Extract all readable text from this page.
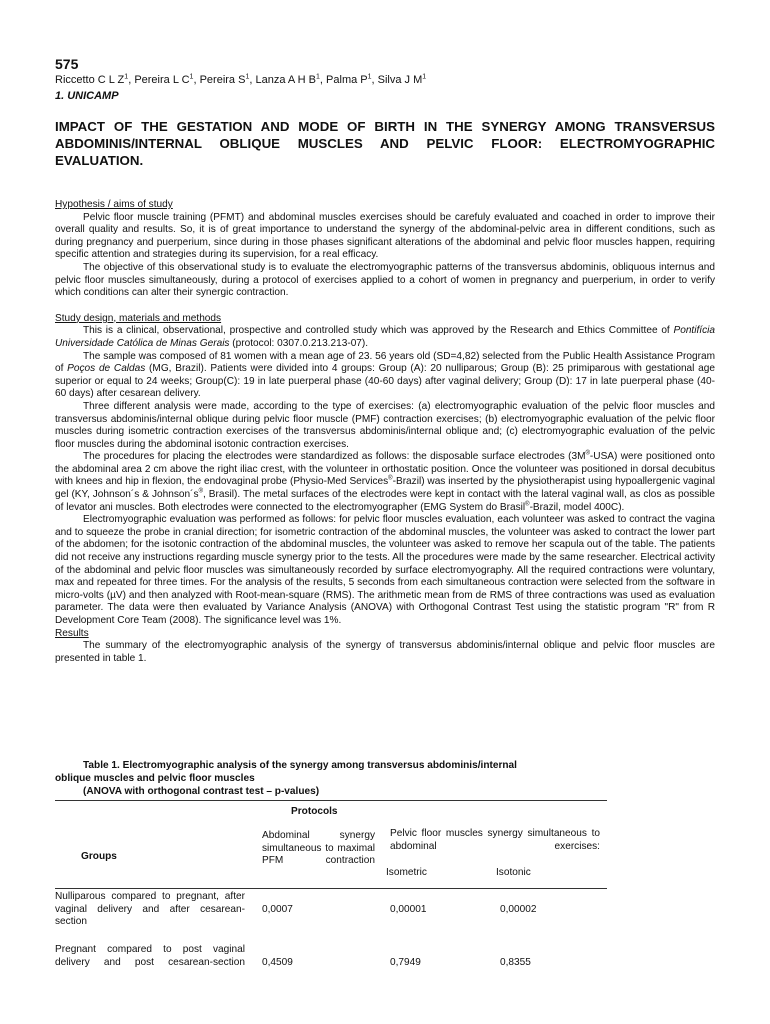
575
Riccetto C L $Z^1$, Pereira L $C^1$, Pereira $S^1$, Lanza A H $B^1$, Palma $P^1$, Silva J $M^1$
1. UNICAMP
IMPACT OF THE GESTATION AND MODE OF BIRTH IN THE SYNERGY AMONG TRANSVERSUS ABDOMINIS/INTERNAL OBLIQUE MUSCLES AND PELVIC FLOOR: ELECTROMYOGRAPHIC EVALUATION.

Hypothesis / aims of study

Pelvic floor muscle training (PFMT) and abdominal muscles exercises should be carefuly evaluated and coached in order to improve their overall quality and results. So, it is of great importance to understand the synergy of the abdominal-pelvic area in different conditions, such as during pregnancy and puerperium, since during in those phases significant alterations of the abdominal and pelvic floor muscles happen, requiring specific attention and strategies during its supervision, for a real efficacy.

The objective of this observational study is to evaluate the electromyographic patterns of the transversus abdominis, obliquous internus and pelvic floor muscles simultaneously, during a protocol of exercises applied to a cohort of women in pregnancy and puerperium, in order to verify which conditions can alter their synergic contraction.

Study design, materials and methods

This is a clinical, observational, prospective and controlled study which was approved by the Research and Ethics Committee of Pontifícia Universidade Católica de Minas Gerais (protocol: 0307.0.213.213-07).

The sample was composed of 81 women with a mean age of 23. 56 years old (SD=4,82) selected from the Public Health Assistance Program of Poços de Caldas (MG, Brazil). Patients were divided into 4 groups: Group (A): 20 nulliparous; Group (B): 25 primiparous with gestational age superior or equal to 24 weeks; Group(C): 19 in late puerperal phase (40-60 days) after vaginal delivery; Group (D): 17 in late puerperal phase (40- 60 days) after cesarean delivery.

Three different analysis were made, according to the type of exercises: (a) electromyographic evaluation of the pelvic floor muscles and transversus abdominis/internal oblique during pelvic floor muscle (PMF) contraction exercises; (b) electromyographic evaluation of the pelvic floor muscles during isometric contraction exercises of the transversus abdominis/internal oblique and; (c) electromyographic evaluation of the pelvic floor muscles during the abdominal isotonic contraction exercises.

The procedures for placing the electrodes were standardized as follows: the disposable surface electrodes (3M®-USA) were positioned onto the abdominal area 2 cm above the right iliac crest, with the volunteer in orthostatic position. Once the volunteer was positioned in dorsal decubitus with knees and hip in flexion, the endovaginal probe (Physio-Med Services®-Brazil) was inserted by the physiotherapist using hypoallergenic vaginal gel (KY, Johnson´s & Johnson´s®, Brasil). The metal surfaces of the electrodes were kept in contact with the lateral vaginal wall, as clos as possible of levator ani muscles. Both electrodes were connected to the electromyographer (EMG System do Brasil®-Brazil, model 400C).

Electromyographic evaluation was performed as follows: for pelvic floor muscles evaluation, each volunteer was asked to contract the vagina and to squeeze the probe in cranial direction; for isometric contraction of the abdominal muscles, the volunteer was asked to contract the lower part of the abdomen; for the isotonic contraction of the abdominal muscles, the volunteer was asked to remove her scapula out of the table. The patients did not receive any instructions regarding muscle synergy prior to the tests. All the procedures were made by the same researcher. Electrical activity of the abdominal and pelvic floor muscles was simultaneously recorded by surface electromyography. All the required contractions were voluntary, max and repeated for three times. For the analysis of the results, 5 seconds from each simultaneous contraction were selected from the software in micro-volts (µV) and then analyzed with Root-mean-square (RMS). The arithmetic mean from de RMS of three contractions was used as evaluation parameter. The data were then evaluated by Variance Analysis (ANOVA) with Orthogonal Contrast Test using the statistic program "R" from R Development Core Team (2008). The significance level was 1%.

Results

The summary of the electromyographic analysis of the synergy of transversus abdominis/internal oblique and pelvic floor muscles are presented in table 1.

Table 1. Electromyographic analysis of the synergy among transversus abdominis/internal
oblique muscles and pelvic floor muscles
(ANOVA with orthogonal contrast test – p-values)
Protocols
Abdominal synergy simultaneous to maximal PFM contraction
Pelvic floor muscles synergy simultaneous to abdominal exercises:
Isometric	Isotonic
Groups
Nulliparous compared to pregnant, after vaginal delivery and after cesarean-section
0,0007	0,00001	0,00002
Pregnant compared to post vaginal delivery and post cesarean-section 0,4509	0,7949	0,8355
